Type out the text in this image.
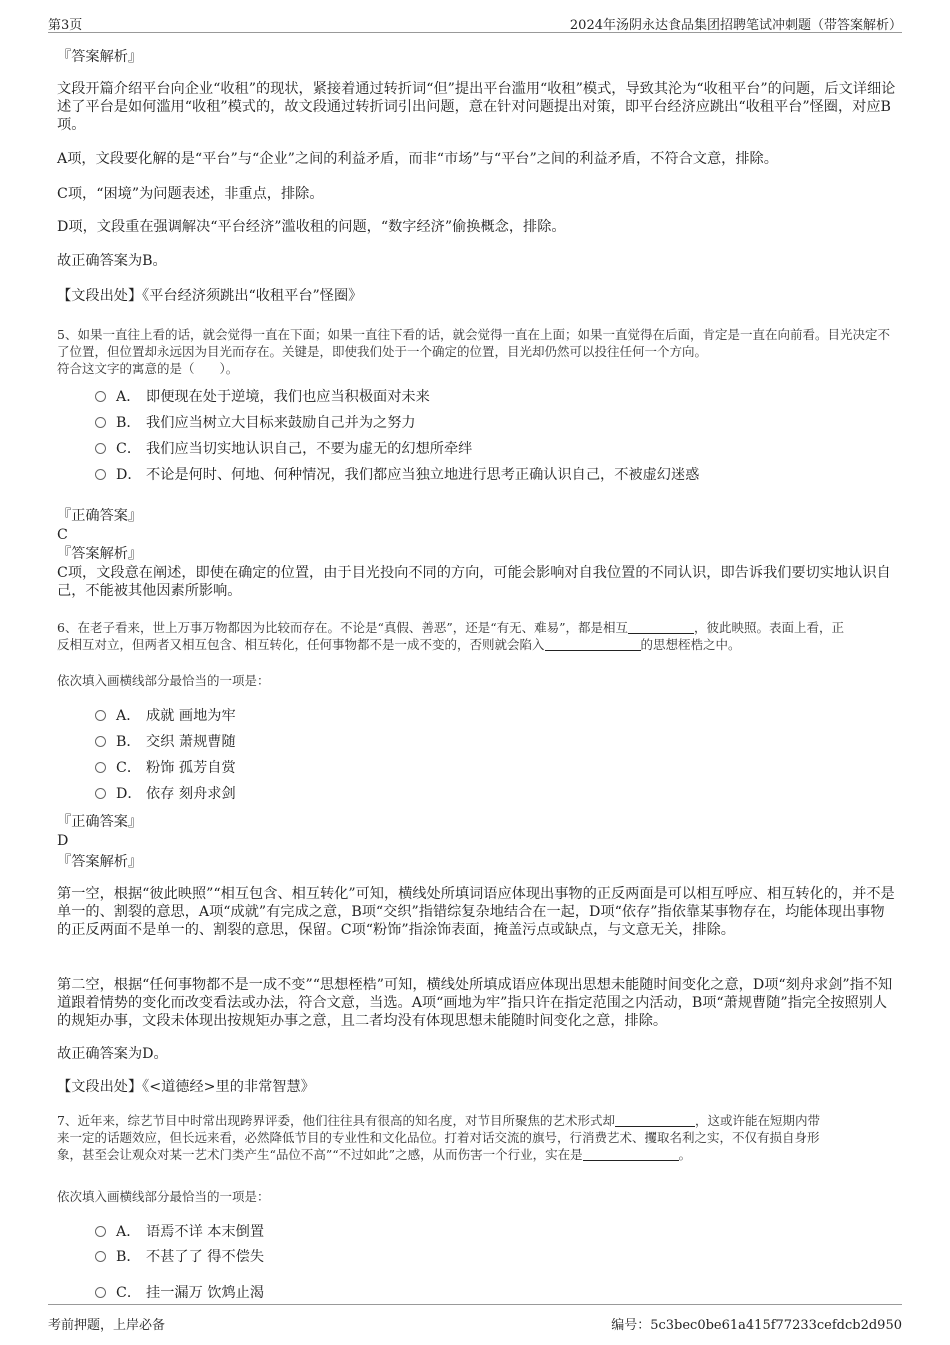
第3页	2024年汤阴永达食品集团招聘笔试冲刺题（带答案解析）
『答案解析』
文段开篇介绍平台向企业“收租”的现状，紧接着通过转折词“但”提出平台滥用“收租”模式，导致其沦为“收租平台”的问题，后文详细论述了平台是如何滥用“收租”模式的，故文段通过转折词引出问题，意在针对问题提出对策，即平台经济应跳出“收租平台”怪圈，对应B项。
A项，文段要化解的是“平台”与“企业”之间的利益矛盾，而非“市场”与“平台”之间的利益矛盾，不符合文意，排除。
C项，“困境”为问题表述，非重点，排除。
D项，文段重在强调解决“平台经济”滥收租的问题，“数字经济”偷换概念，排除。
故正确答案为B。
【文段出处】《平台经济须跳出“收租平台”怪圈》
5、如果一直往上看的话，就会觉得一直在下面；如果一直往下看的话，就会觉得一直在上面；如果一直觉得在后面，肯定是一直在向前看。目光决定不了位置，但位置却永远因为目光而存在。关键是，即使我们处于一个确定的位置，目光却仍然可以投往任何一个方向。
符合这文字的寓意的是（　　）。
A． 即便现在处于逆境，我们也应当积极面对未来
B． 我们应当树立大目标来鼓励自己并为之努力
C． 我们应当切实地认识自己，不要为虚无的幻想所牵绊
D． 不论是何时、何地、何种情况，我们都应当独立地进行思考正确认识自己，不被虚幻迷惑
『正确答案』
C
『答案解析』
C项，文段意在阐述，即使在确定的位置，由于目光投向不同的方向，可能会影响对自我位置的不同认识，即告诉我们要切实地认识自己，不能被其他因素所影响。
6、在老子看来，世上万事万物都因为比较而存在。不论是“真假、善恶”，还是“有无、难易”，都是相互	，彼此映照。表面上看，正
反相互对立，但两者又相互包含、相互转化，任何事物都不是一成不变的，否则就会陷入	的思想桎梏之中。
依次填入画横线部分最恰当的一项是：
A． 成就 画地为牢
B． 交织 萧规曹随
C． 粉饰 孤芳自赏
D． 依存 刻舟求剑
『正确答案』
D
『答案解析』
第一空，根据“彼此映照”“相互包含、相互转化”可知，横线处所填词语应体现出事物的正反两面是可以相互呼应、相互转化的，并不是单一的、割裂的意思，A项“成就”有完成之意，B项“交织”指错综复杂地结合在一起，D项“依存”指依靠某事物存在，均能体现出事物的正反两面不是单一的、割裂的意思，保留。C项“粉饰”指涂饰表面，掩盖污点或缺点，与文意无关，排除。
第二空，根据“任何事物都不是一成不变”“思想桎梏”可知，横线处所填成语应体现出思想未能随时间变化之意，D项“刻舟求剑”指不知道跟着情势的变化而改变看法或办法，符合文意，当选。A项“画地为牢”指只许在指定范围之内活动，B项“萧规曹随”指完全按照别人的规矩办事，文段未体现出按规矩办事之意，且二者均没有体现思想未能随时间变化之意，排除。
故正确答案为D。
【文段出处】《<道德经>里的非常智慧》
7、近年来，综艺节目中时常出现跨界评委，他们往往具有很高的知名度，对节目所聚焦的艺术形式却	，这或许能在短期内带
来一定的话题效应，但长远来看，必然降低节目的专业性和文化品位。打着对话交流的旗号，行消费艺术、攫取名利之实，不仅有损自身形
象，甚至会让观众对某一艺术门类产生“品位不高”“不过如此”之感，从而伤害一个行业，实在是	。
依次填入画横线部分最恰当的一项是：
A． 语焉不详 本末倒置
B． 不甚了了 得不偿失
C． 挂一漏万 饮鸩止渴
考前押题，上岸必备	编号：5c3bec0be61a415f77233cefdcb2d950
